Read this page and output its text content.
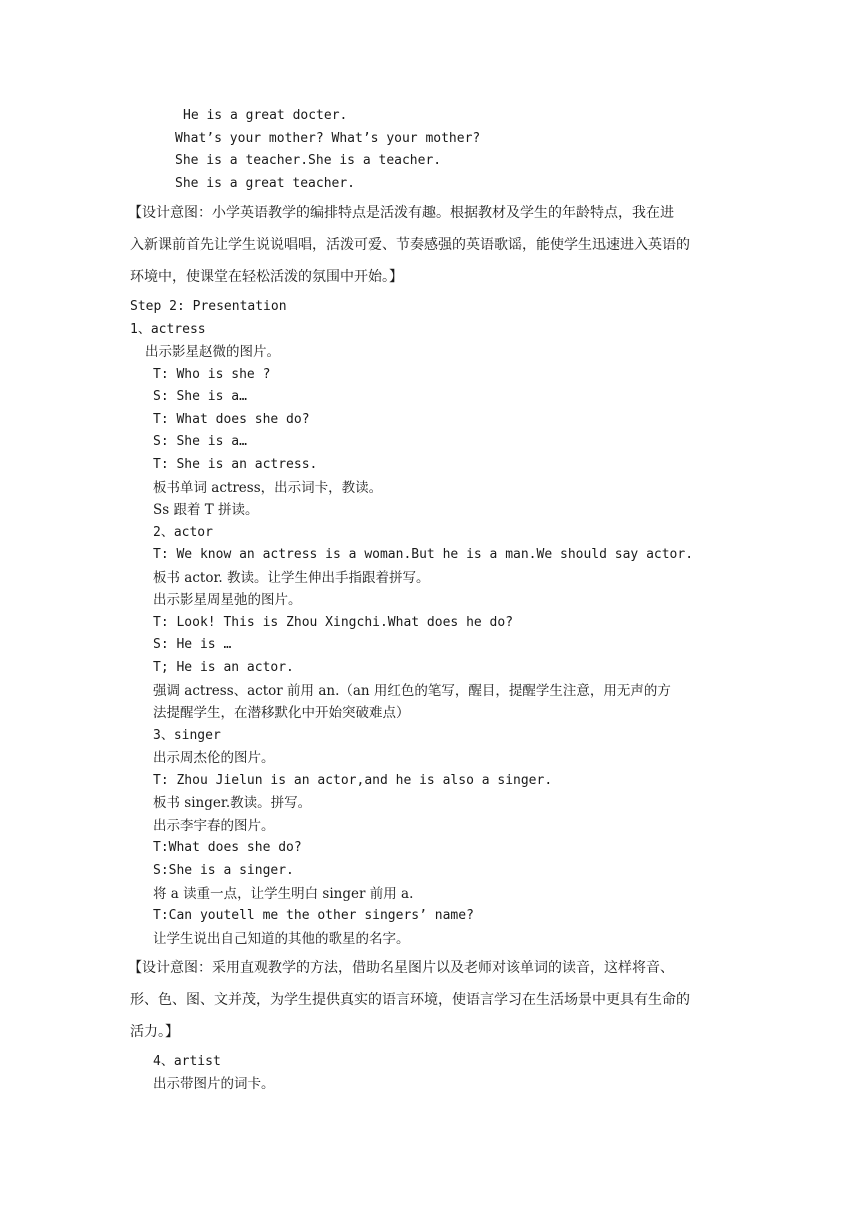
He is a great docter.
What’s your mother? What’s your mother?
She is a teacher.She is a teacher.
She is a great teacher.
【设计意图：小学英语教学的编排特点是活泼有趣。根据教材及学生的年龄特点，我在进
入新课前首先让学生说说唱唱，活泼可爱、节奏感强的英语歌谣，能使学生迅速进入英语的
环境中，使课堂在轻松活泼的氛围中开始。】
Step 2: Presentation
1、actress
出示影星赵微的图片。
T: Who is she ?
S: She is a…
T: What does she do?
S: She is a…
T: She is an actress.
板书单词 actress，出示词卡，教读。
Ss 跟着 T 拼读。
2、actor
T: We know an actress is a woman.But he is a man.We should say actor.
板书 actor. 教读。让学生伸出手指跟着拼写。
出示影星周星弛的图片。
T: Look! This is Zhou Xingchi.What does he do?
S: He is …
T; He is an actor.
强调 actress、actor 前用 an.（an 用红色的笔写，醒目，提醒学生注意，用无声的方
法提醒学生，在潜移默化中开始突破难点）
3、singer
出示周杰伦的图片。
T: Zhou Jielun is an actor,and he is also a singer.
板书 singer.教读。拼写。
出示李宇春的图片。
T:What does she do?
S:She is a singer.
将 a 读重一点，让学生明白 singer 前用 a.
T:Can youtell me the other singers’ name?
让学生说出自己知道的其他的歌星的名字。
【设计意图：采用直观教学的方法，借助名星图片以及老师对该单词的读音，这样将音、
形、色、图、文并茂，为学生提供真实的语言环境，使语言学习在生活场景中更具有生命的
活力。】
4、artist
出示带图片的词卡。
